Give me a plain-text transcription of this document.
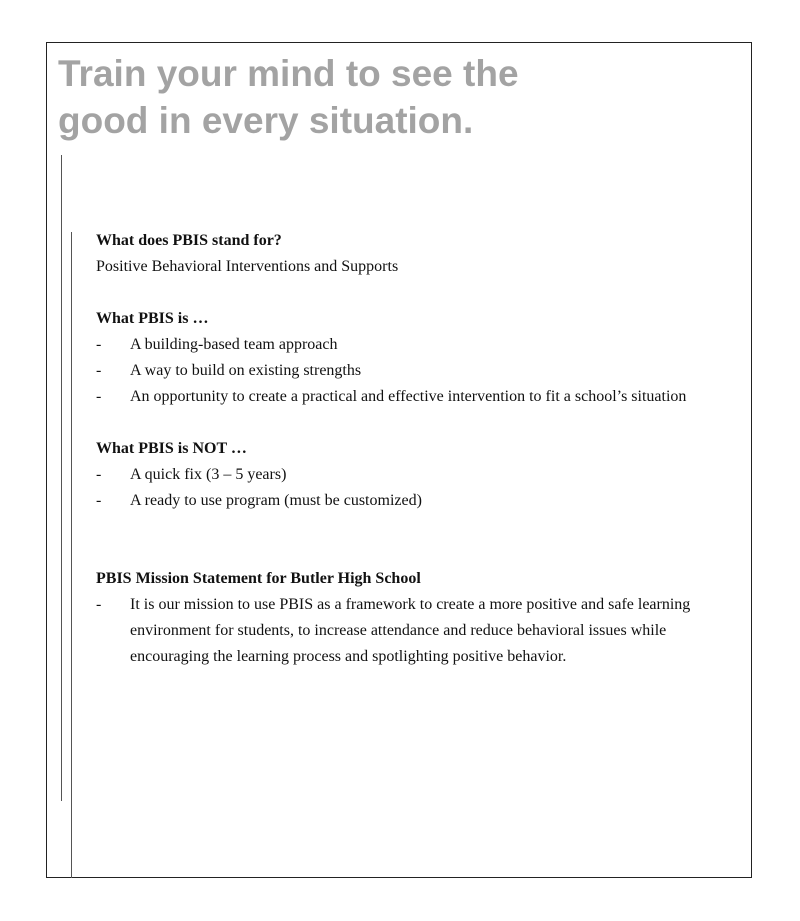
Train your mind to see the
good in every situation.
What does PBIS stand for?
Positive Behavioral Interventions and Supports
What PBIS is …
-	A building-based team approach
-	A way to build on existing strengths
-	An opportunity to create a practical and effective intervention to fit a school’s situation
What PBIS is NOT …
-	A quick fix (3 – 5 years)
-	A ready to use program (must be customized)
PBIS Mission Statement for Butler High School
-	It is our mission to use PBIS as a framework to create a more positive and safe learning environment for students, to increase attendance and reduce behavioral issues while encouraging the learning process and spotlighting positive behavior.
